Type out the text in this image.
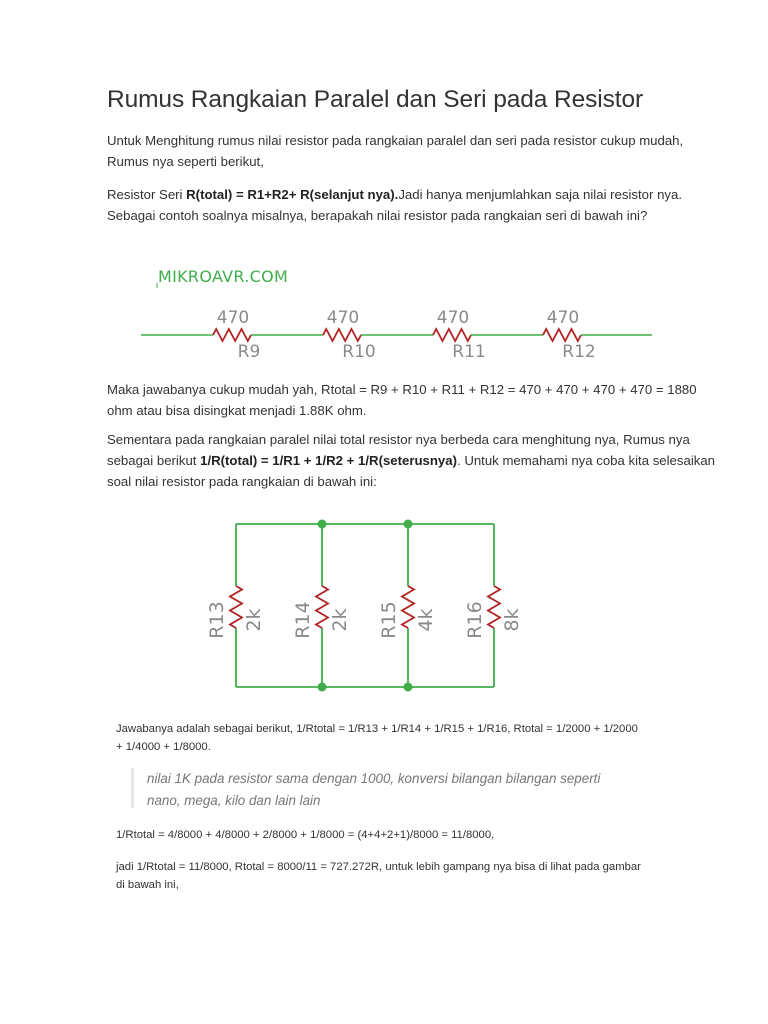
Rumus Rangkaian Paralel dan Seri pada Resistor

Untuk Menghitung rumus nilai resistor pada rangkaian paralel dan seri pada resistor cukup mudah,
Rumus nya seperti berikut,

Resistor Seri R(total) = R1+R2+ R(selanjut nya).Jadi hanya menjumlahkan saja nilai resistor nya.
Sebagai contoh soalnya misalnya, berapakah nilai resistor pada rangkaian seri di bawah ini?

MIKROAVR.COM
470
R9
470
R10
470
R11
470
R12

Maka jawabanya cukup mudah yah, Rtotal = R9 + R10 + R11 + R12 = 470 + 470 + 470 + 470 = 1880
ohm atau bisa disingkat menjadi 1.88K ohm.

Sementara pada rangkaian paralel nilai total resistor nya berbeda cara menghitung nya, Rumus nya
sebagai berikut 1/R(total) = 1/R1 + 1/R2 + 1/R(seterusnya). Untuk memahami nya coba kita selesaikan
soal nilai resistor pada rangkaian di bawah ini:

R13 2k R14 2k R15 4k R16 8k

Jawabanya adalah sebagai berikut, 1/Rtotal = 1/R13 + 1/R14 + 1/R15 + 1/R16, Rtotal = 1/2000 + 1/2000
+ 1/4000 + 1/8000.

nilai 1K pada resistor sama dengan 1000, konversi bilangan bilangan seperti
nano, mega, kilo dan lain lain

1/Rtotal = 4/8000 + 4/8000 + 2/8000 + 1/8000 = (4+4+2+1)/8000 = 11/8000,

jadi 1/Rtotal = 11/8000, Rtotal = 8000/11 = 727.272R, untuk lebih gampang nya bisa di lihat pada gambar
di bawah ini,
